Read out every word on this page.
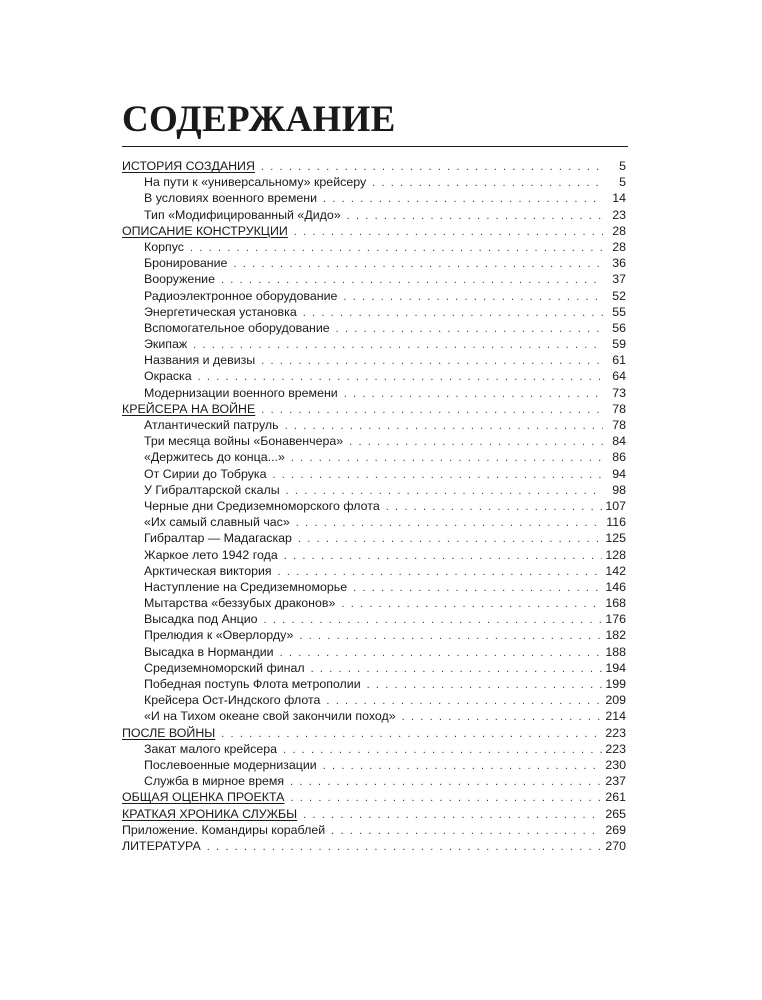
СОДЕРЖАНИЕ
ИСТОРИЯ СОЗДАНИЯ . . .	5
На пути к «универсальному» крейсеру . . .	5
В условиях военного времени . . .	14
Тип «Модифицированный «Дидо» . . .	23
ОПИСАНИЕ КОНСТРУКЦИИ . . .	28
Корпус . . .	28
Бронирование . . .	36
Вооружение . . .	37
Радиоэлектронное оборудование . . .	52
Энергетическая установка . . .	55
Вспомогательное оборудование . . .	56
Экипаж . . .	59
Названия и девизы . . .	61
Окраска . . .	64
Модернизации военного времени . . .	73
КРЕЙСЕРА НА ВОЙНЕ . . .	78
Атлантический патруль . . .	78
Три месяца войны «Бонавенчера» . . .	84
«Держитесь до конца...» . . .	86
От Сирии до Тобрука . . .	94
У Гибралтарской скалы . . .	98
Черные дни Средиземноморского флота . . .	107
«Их самый славный час» . . .	116
Гибралтар — Мадагаскар . . .	125
Жаркое лето 1942 года . . .	128
Арктическая виктория . . .	142
Наступление на Средиземноморье . . .	146
Мытарства «беззубых драконов» . . .	168
Высадка под Анцио . . .	176
Прелюдия к «Оверлорду» . . .	182
Высадка в Нормандии . . .	188
Средиземноморский финал . . .	194
Победная поступь Флота метрополии . . .	199
Крейсера Ост-Индского флота . . .	209
«И на Тихом океане свой закончили поход» . . .	214
ПОСЛЕ ВОЙНЫ . . .	223
Закат малого крейсера . . .	223
Послевоенные модернизации . . .	230
Служба в мирное время . . .	237
ОБЩАЯ ОЦЕНКА ПРОЕКТА . . .	261
КРАТКАЯ ХРОНИКА СЛУЖБЫ . . .	265
Приложение. Командиры кораблей . . .	269
ЛИТЕРАТУРА . . .	270
